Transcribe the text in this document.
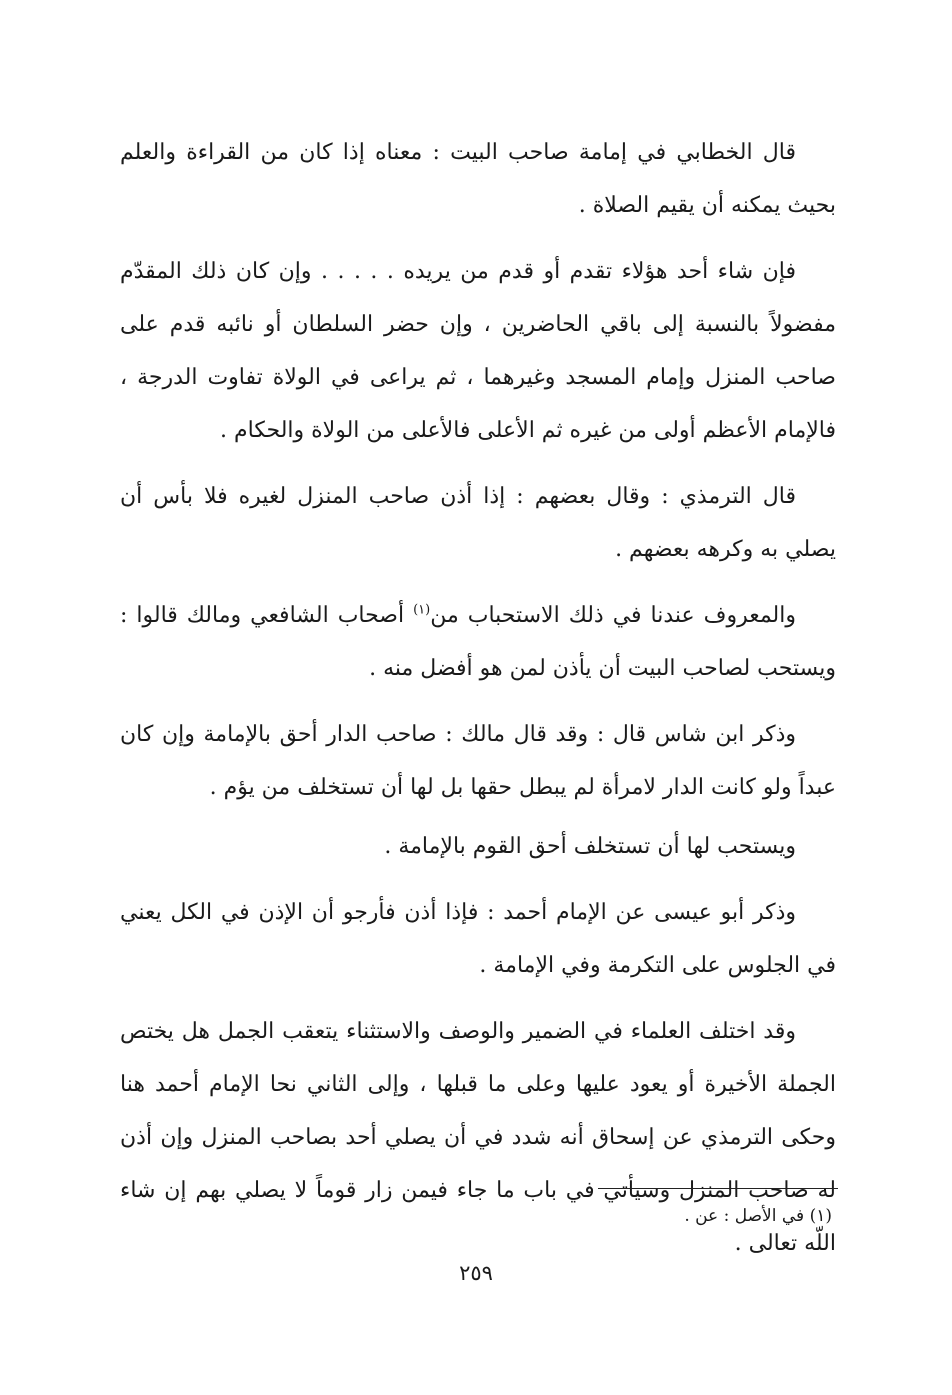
قال الخطابي في إمامة صاحب البيت : معناه إذا كان من القراءة والعلم بحيث يمكنه أن يقيم الصلاة .

فإن شاء أحد هؤلاء تقدم أو قدم من يريده . . . . . وإن كان ذلك المقدّم مفضولاً بالنسبة إلى باقي الحاضرين ، وإن حضر السلطان أو نائبه قدم على صاحب المنزل وإمام المسجد وغيرهما ، ثم يراعى في الولاة تفاوت الدرجة ، فالإمام الأعظم أولى من غيره ثم الأعلى فالأعلى من الولاة والحكام .

قال الترمذي : وقال بعضهم : إذا أذن صاحب المنزل لغيره فلا بأس أن يصلي به وكرهه بعضهم .

والمعروف عندنا في ذلك الاستحباب من$^{(١)}$ أصحاب الشافعي ومالك قالوا : ويستحب لصاحب البيت أن يأذن لمن هو أفضل منه .

وذكر ابن شاس قال : وقد قال مالك : صاحب الدار أحق بالإمامة وإن كان عبداً ولو كانت الدار لامرأة لم يبطل حقها بل لها أن تستخلف من يؤم .

ويستحب لها أن تستخلف أحق القوم بالإمامة .

وذكر أبو عيسى عن الإمام أحمد : فإذا أذن فأرجو أن الإذن في الكل يعني في الجلوس على التكرمة وفي الإمامة .

وقد اختلف العلماء في الضمير والوصف والاستثناء يتعقب الجمل هل يختص الجملة الأخيرة أو يعود عليها وعلى ما قبلها ، وإلى الثاني نحا الإمام أحمد هنا وحكى الترمذي عن إسحاق أنه شدد في أن يصلي أحد بصاحب المنزل وإن أذن له صاحب المنزل وسيأتي في باب ما جاء فيمن زار قوماً لا يصلي بهم إن شاء اللّه تعالى .

(١) في الأصل : عن .
٢٥٩
